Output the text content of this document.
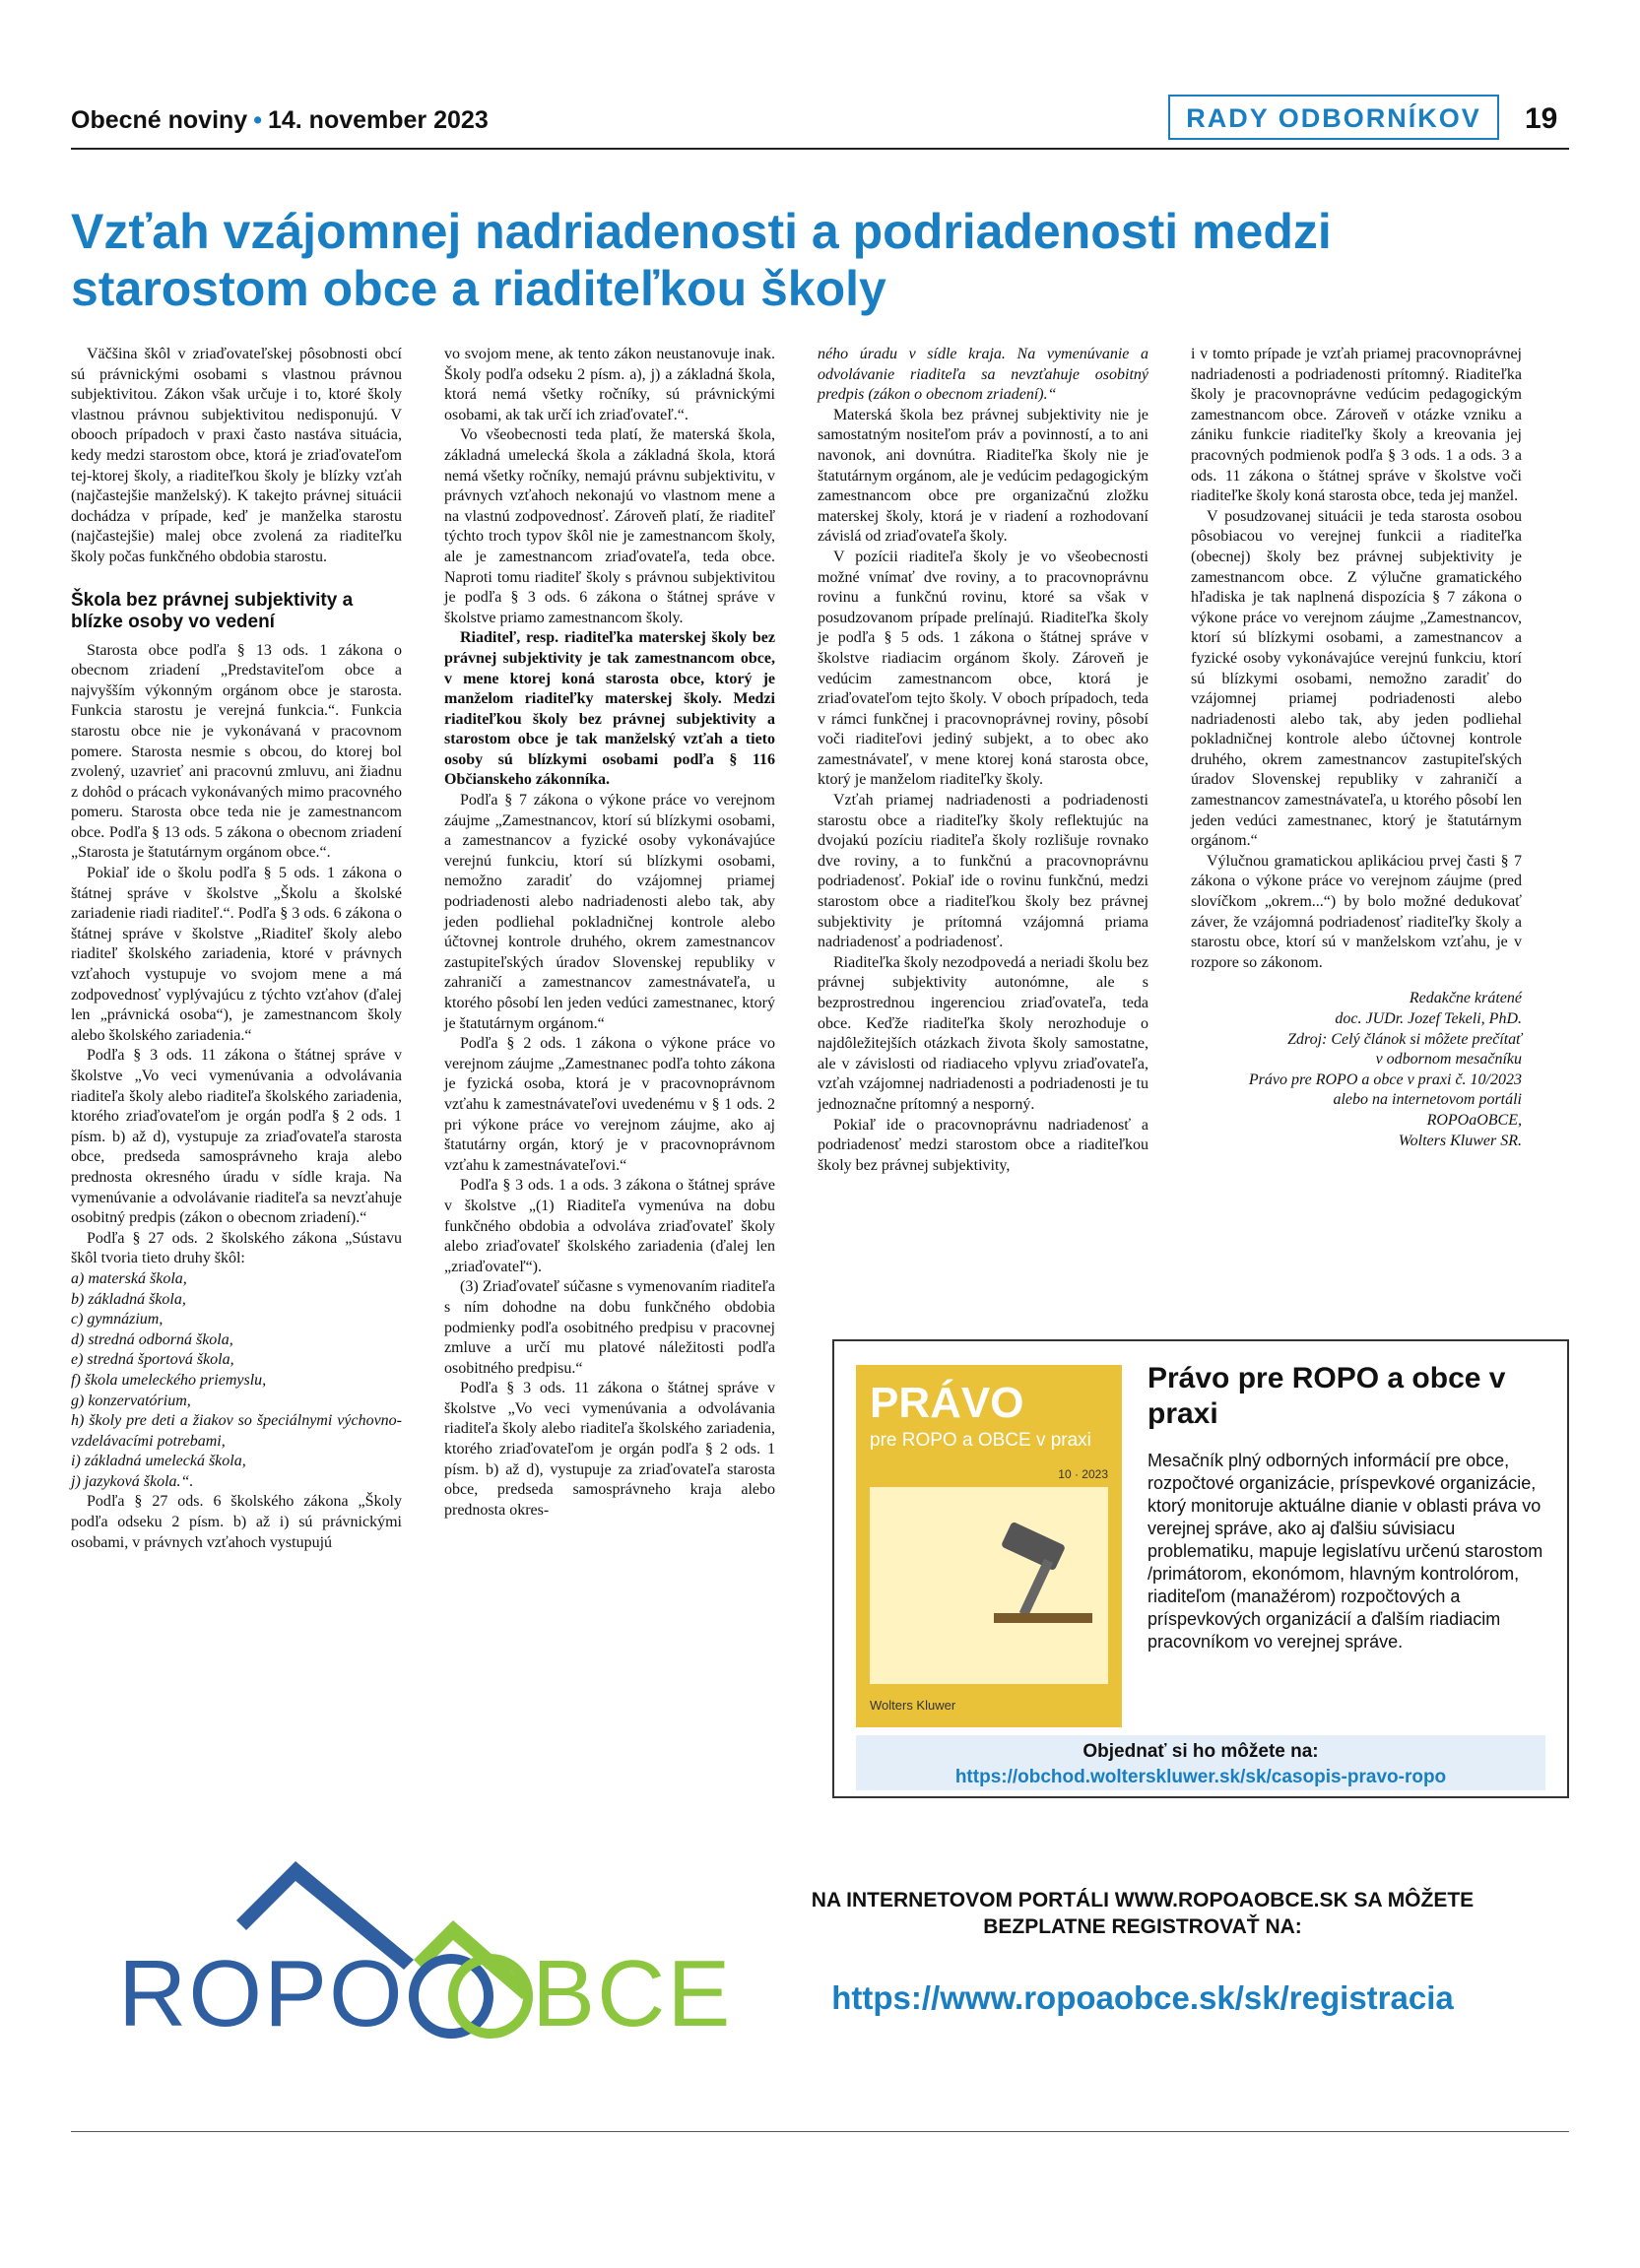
Obecné noviny • 14. november 2023	RADY ODBORNÍKOV	19
Vzťah vzájomnej nadriadenosti a podriadenosti medzi starostom obce a riaditeľkou školy

Väčšina škôl v zriaďovateľskej pôsobnosti obcí sú právnickými osobami s vlastnou právnou subjektivitou. Zákon však určuje i to, ktoré školy vlastnou právnou subjektivitou nedisponujú. V obooch prípadoch v praxi často nastáva situácia, kedy medzi starostom obce, ktorá je zriaďovateľom tej-ktorej školy, a riaditeľkou školy je blízky vzťah (najčastejšie manželský). K takejto právnej situácii dochádza v prípade, keď je manželka starostu (najčastejšie) malej obce zvolená za riaditeľku školy počas funkčného obdobia starostu.

Škola bez právnej subjektivity a blízke osoby vo vedení

Starosta obce podľa § 13 ods. 1 zákona o obecnom zriadení „Predstaviteľom obce a najvyšším výkonným orgánom obce je starosta. Funkcia starostu je verejná funkcia.“. Funkcia starostu obce nie je vykonávaná v pracovnom pomere. Starosta nesmie s obcou, do ktorej bol zvolený, uzavrieť ani pracovnú zmluvu, ani žiadnu z dohôd o prácach vykonávaných mimo pracovného pomeru. Starosta obce teda nie je zamestnancom obce. Podľa § 13 ods. 5 zákona o obecnom zriadení „Starosta je štatutárnym orgánom obce.“.

Pokiaľ ide o školu podľa § 5 ods. 1 zákona o štátnej správe v školstve „Školu a školské zariadenie riadi riaditeľ.“. Podľa § 3 ods. 6 zákona o štátnej správe v školstve „Riaditeľ školy alebo riaditeľ školského zariadenia, ktoré v právnych vzťahoch vystupuje vo svojom mene a má zodpovednosť vyplývajúcu z týchto vzťahov (ďalej len „právnická osoba“), je zamestnancom školy alebo školského zariadenia.“

Podľa § 3 ods. 11 zákona o štátnej správe v školstve „Vo veci vymenúvania a odvolávania riaditeľa školy alebo riaditeľa školského zariadenia, ktorého zriaďovateľom je orgán podľa § 2 ods. 1 písm. b) až d), vystupuje za zriaďovateľa starosta obce, predseda samosprávneho kraja alebo prednosta okresného úradu v sídle kraja. Na vymenúvanie a odvolávanie riaditeľa sa nevzťahuje osobitný predpis (zákon o obecnom zriadení).“

Podľa § 27 ods. 2 školského zákona „Sústavu škôl tvoria tieto druhy škôl:

a) materská škola,
b) základná škola,
c) gymnázium,
d) stredná odborná škola,
e) stredná športová škola,
f) škola umeleckého priemyslu,
g) konzervatórium,
h) školy pre deti a žiakov so špeciálnymi výchovno-vzdelávacími potrebami,
i) základná umelecká škola,
j) jazyková škola.“.

Podľa § 27 ods. 6 školského zákona „Školy podľa odseku 2 písm. b) až i) sú právnickými osobami, v právnych vzťahoch vystupujú

vo svojom mene, ak tento zákon neustanovuje inak. Školy podľa odseku 2 písm. a), j) a základná škola, ktorá nemá všetky ročníky, sú právnickými osobami, ak tak určí ich zriaďovateľ.“.

Vo všeobecnosti teda platí, že materská škola, základná umelecká škola a základná škola, ktorá nemá všetky ročníky, nemajú právnu subjektivitu, v právnych vzťahoch nekonajú vo vlastnom mene a na vlastnú zodpovednosť. Zároveň platí, že riaditeľ týchto troch typov škôl nie je zamestnancom školy, ale je zamestnancom zriaďovateľa, teda obce. Naproti tomu riaditeľ školy s právnou subjektivitou je podľa § 3 ods. 6 zákona o štátnej správe v školstve priamo zamestnancom školy.

Riaditeľ, resp. riaditeľka materskej školy bez právnej subjektivity je tak zamestnancom obce, v mene ktorej koná starosta obce, ktorý je manželom riaditeľky materskej školy. Medzi riaditeľkou školy bez právnej subjektivity a starostom obce je tak manželský vzťah a tieto osoby sú blízkymi osobami podľa § 116 Občianskeho zákonníka.

Podľa § 7 zákona o výkone práce vo verejnom záujme „Zamestnancov, ktorí sú blízkymi osobami, a zamestnancov a fyzické osoby vykonávajúce verejnú funkciu, ktorí sú blízkymi osobami, nemožno zaradiť do vzájomnej priamej podriadenosti alebo nadriadenosti alebo tak, aby jeden podliehal pokladničnej kontrole alebo účtovnej kontrole druhého, okrem zamestnancov zastupiteľských úradov Slovenskej republiky v zahraničí a zamestnancov zamestnávateľa, u ktorého pôsobí len jeden vedúci zamestnanec, ktorý je štatutárnym orgánom.“

Podľa § 2 ods. 1 zákona o výkone práce vo verejnom záujme „Zamestnanec podľa tohto zákona je fyzická osoba, ktorá je v pracovnoprávnom vzťahu k zamestnávateľovi uvedenému v § 1 ods. 2 pri výkone práce vo verejnom záujme, ako aj štatutárny orgán, ktorý je v pracovnoprávnom vzťahu k zamestnávateľovi.“

Podľa § 3 ods. 1 a ods. 3 zákona o štátnej správe v školstve „(1) Riaditeľa vymenúva na dobu funkčného obdobia a odvoláva zriaďovateľ školy alebo zriaďovateľ školského zariadenia (ďalej len „zriaďovateľ“).

(3) Zriaďovateľ súčasne s vymenovaním riaditeľa s ním dohodne na dobu funkčného obdobia podmienky podľa osobitného predpisu v pracovnej zmluve a určí mu platové náležitosti podľa osobitného predpisu.“

Podľa § 3 ods. 11 zákona o štátnej správe v školstve „Vo veci vymenúvania a odvolávania riaditeľa školy alebo riaditeľa školského zariadenia, ktorého zriaďovateľom je orgán podľa § 2 ods. 1 písm. b) až d), vystupuje za zriaďovateľa starosta obce, predseda samosprávneho kraja alebo prednosta okres-

ného úradu v sídle kraja. Na vymenúvanie a odvolávanie riaditeľa sa nevzťahuje osobitný predpis (zákon o obecnom zriadení).“

Materská škola bez právnej subjektivity nie je samostatným nositeľom práv a povinností, a to ani navonok, ani dovnútra. Riaditeľka školy nie je štatutárnym orgánom, ale je vedúcim pedagogickým zamestnancom obce pre organizačnú zložku materskej školy, ktorá je v riadení a rozhodovaní závislá od zriaďovateľa školy.

V pozícii riaditeľa školy je vo všeobecnosti možné vnímať dve roviny, a to pracovnoprávnu rovinu a funkčnú rovinu, ktoré sa však v posudzovanom prípade prelínajú. Riaditeľka školy je podľa § 5 ods. 1 zákona o štátnej správe v školstve riadiacim orgánom školy. Zároveň je vedúcim zamestnancom obce, ktorá je zriaďovateľom tejto školy. V oboch prípadoch, teda v rámci funkčnej i pracovnoprávnej roviny, pôsobí voči riaditeľovi jediný subjekt, a to obec ako zamestnávateľ, v mene ktorej koná starosta obce, ktorý je manželom riaditeľky školy.

Vzťah priamej nadriadenosti a podriadenosti starostu obce a riaditeľky školy reflektujúc na dvojakú pozíciu riaditeľa školy rozlišuje rovnako dve roviny, a to funkčnú a pracovnoprávnu podriadenosť. Pokiaľ ide o rovinu funkčnú, medzi starostom obce a riaditeľkou školy bez právnej subjektivity je prítomná vzájomná priama nadriadenosť a podriadenosť.

Riaditeľka školy nezodpovedá a neriadi školu bez právnej subjektivity autonómne, ale s bezprostrednou ingerenciou zriaďovateľa, teda obce. Keďže riaditeľka školy nerozhoduje o najdôležitejších otázkach života školy samostatne, ale v závislosti od riadiaceho vplyvu zriaďovateľa, vzťah vzájomnej nadriadenosti a podriadenosti je tu jednoznačne prítomný a nesporný.

Pokiaľ ide o pracovnoprávnu nadriadenosť a podriadenosť medzi starostom obce a riaditeľkou školy bez právnej subjektivity,

i v tomto prípade je vzťah priamej pracovnoprávnej nadriadenosti a podriadenosti prítomný. Riaditeľka školy je pracovnoprávne vedúcim pedagogickým zamestnancom obce. Zároveň v otázke vzniku a zániku funkcie riaditeľky školy a kreovania jej pracovných podmienok podľa § 3 ods. 1 a ods. 3 a ods. 11 zákona o štátnej správe v školstve voči riaditeľke školy koná starosta obce, teda jej manžel.

V posudzovanej situácii je teda starosta osobou pôsobiacou vo verejnej funkcii a riaditeľka (obecnej) školy bez právnej subjektivity je zamestnancom obce. Z výlučne gramatického hľadiska je tak naplnená dispozícia § 7 zákona o výkone práce vo verejnom záujme „Zamestnancov, ktorí sú blízkymi osobami, a zamestnancov a fyzické osoby vykonávajúce verejnú funkciu, ktorí sú blízkymi osobami, nemožno zaradiť do vzájomnej priamej podriadenosti alebo nadriadenosti alebo tak, aby jeden podliehal pokladničnej kontrole alebo účtovnej kontrole druhého, okrem zamestnancov zastupiteľských úradov Slovenskej republiky v zahraničí a zamestnancov zamestnávateľa, u ktorého pôsobí len jeden vedúci zamestnanec, ktorý je štatutárnym orgánom.“

Výlučnou gramatickou aplikáciou prvej časti § 7 zákona o výkone práce vo verejnom záujme (pred slovíčkom „okrem...“) by bolo možné dedukovať záver, že vzájomná podriadenosť riaditeľky školy a starostu obce, ktorí sú v manželskom vzťahu, je v rozpore so zákonom.

Redakčne krátené
doc. JUDr. Jozef Tekeli, PhD.
Zdroj: Celý článok si môžete prečítať
v odbornom mesačníku
Právo pre ROPO a obce v praxi č. 10/2023
alebo na internetovom portáli
ROPOaOBCE,
Wolters Kluwer SR.
PRÁVO
pre ROPO a OBCE v praxi
10 · 2023
Wolters Kluwer
Právo pre ROPO a obce v praxi
Mesačník plný odborných informácií pre obce, rozpočtové organizácie, príspevkové organizácie, ktorý monitoruje aktuálne dianie v oblasti práva vo verejnej správe, ako aj ďalšiu súvisiacu problematiku, mapuje legislatívu určenú starostom /primátorom, ekonómom, hlavným kontrolórom, riaditeľom (manažérom) rozpočtových a príspevkových organizácií a ďalším riadiacim pracovníkom vo verejnej správe.
Objednať si ho môžete na:
https://obchod.wolterskluwer.sk/sk/casopis-pravo-ropo
ROPO BCE
NA INTERNETOVOM PORTÁLI WWW.ROPOAOBCE.SK SA MÔŽETE BEZPLATNE REGISTROVAŤ NA:
https://www.ropoaobce.sk/sk/registracia
